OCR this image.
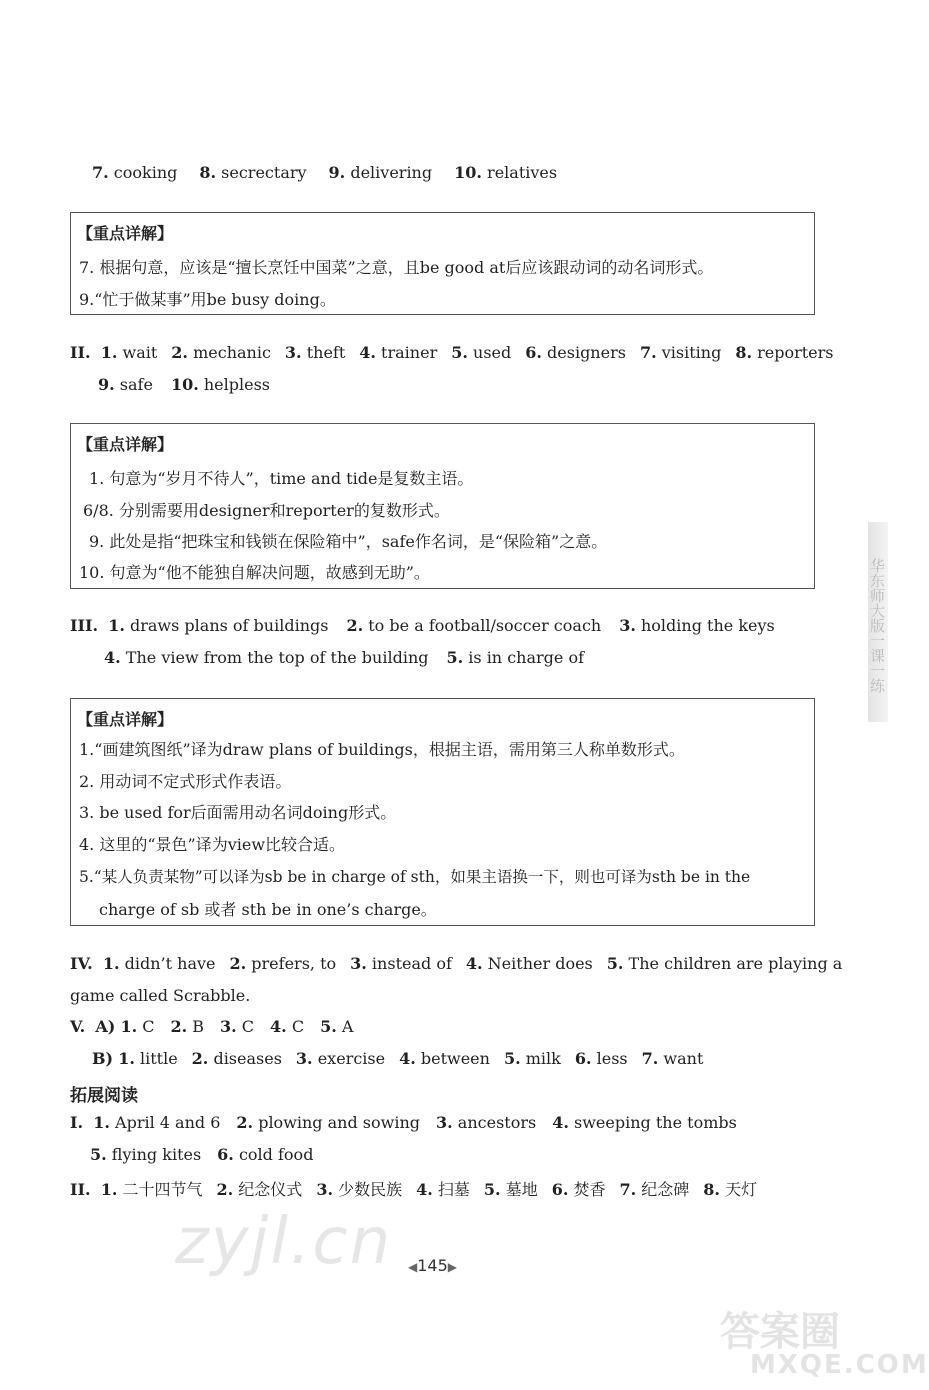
华东师大版一课一练
7. cooking 8. secrectary 9. delivering 10. relatives
【重点详解】
7. 根据句意，应该是“擅长烹饪中国菜”之意，且be good at后应该跟动词的动名词形式。
9.“忙于做某事”用be busy doing。
II. 1. wait 2. mechanic 3. theft 4. trainer 5. used 6. designers 7. visiting 8. reporters
9. safe 10. helpless
【重点详解】
1. 句意为“岁月不待人”，time and tide是复数主语。
6/8. 分别需要用designer和reporter的复数形式。
9. 此处是指“把珠宝和钱锁在保险箱中”，safe作名词，是“保险箱”之意。
10. 句意为“他不能独自解决问题，故感到无助”。
III. 1. draws plans of buildings 2. to be a football/soccer coach 3. holding the keys
4. The view from the top of the building 5. is in charge of
【重点详解】
1.“画建筑图纸”译为draw plans of buildings，根据主语，需用第三人称单数形式。
2. 用动词不定式形式作表语。
3. be used for后面需用动名词doing形式。
4. 这里的“景色”译为view比较合适。
5.“某人负责某物”可以译为sb be in charge of sth，如果主语换一下，则也可译为sth be in the
charge of sb 或者 sth be in one’s charge。
IV. 1. didn’t have 2. prefers, to 3. instead of 4. Neither does 5. The children are playing a
game called Scrabble.
V. A) 1. C 2. B 3. C 4. C 5. A
B) 1. little 2. diseases 3. exercise 4. between 5. milk 6. less 7. want
拓展阅读
I. 1. April 4 and 6 2. plowing and sowing 3. ancestors 4. sweeping the tombs
5. flying kites 6. cold food
II. 1. 二十四节气 2. 纪念仪式 3. 少数民族 4. 扫墓 5. 墓地 6. 焚香 7. 纪念碑 8. 天灯
zyjl.cn
答案圈
MXQE.COM
◀145▶
